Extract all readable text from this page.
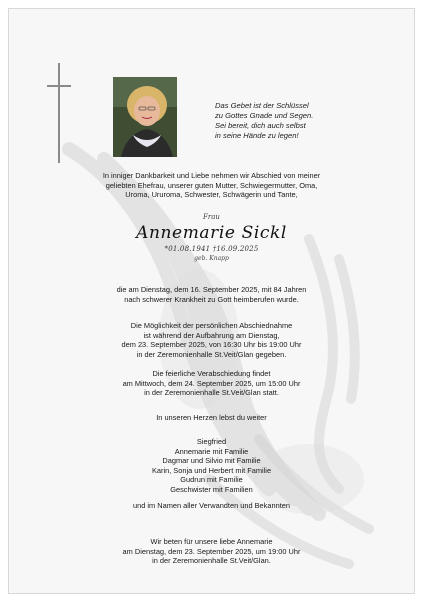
Das Gebet ist der Schlüssel
zu Gottes Gnade und Segen.
Sei bereit, dich auch selbst
in seine Hände zu legen!
In inniger Dankbarkeit und Liebe nehmen wir Abschied von meiner
geliebten Ehefrau, unserer guten Mutter, Schwiegermutter, Oma,
Uroma, Ururoma, Schwester, Schwägerin und Tante,
Frau
Annemarie Sickl
*01.08.1941 †16.09.2025
geb. Knapp
die am Dienstag, dem 16. September 2025, mit 84 Jahren
nach schwerer Krankheit zu Gott heimberufen wurde.
Die Möglichkeit der persönlichen Abschiednahme
ist während der Aufbahrung am Dienstag,
dem 23. September 2025, von 16:30 Uhr bis 19:00 Uhr
in der Zeremonienhalle St.Veit/Glan gegeben.
Die feierliche Verabschiedung findet
am Mittwoch, dem 24. September 2025, um 15:00 Uhr
in der Zeremonienhalle St.Veit/Glan statt.
In unseren Herzen lebst du weiter
Siegfried
Annemarie mit Familie
Dagmar und Silvio mit Familie
Karin, Sonja und Herbert mit Familie
Gudrun mit Familie
Geschwister mit Familien
und im Namen aller Verwandten und Bekannten
Wir beten für unsere liebe Annemarie
am Dienstag, dem 23. September 2025, um 19:00 Uhr
in der Zeremonienhalle St.Veit/Glan.
